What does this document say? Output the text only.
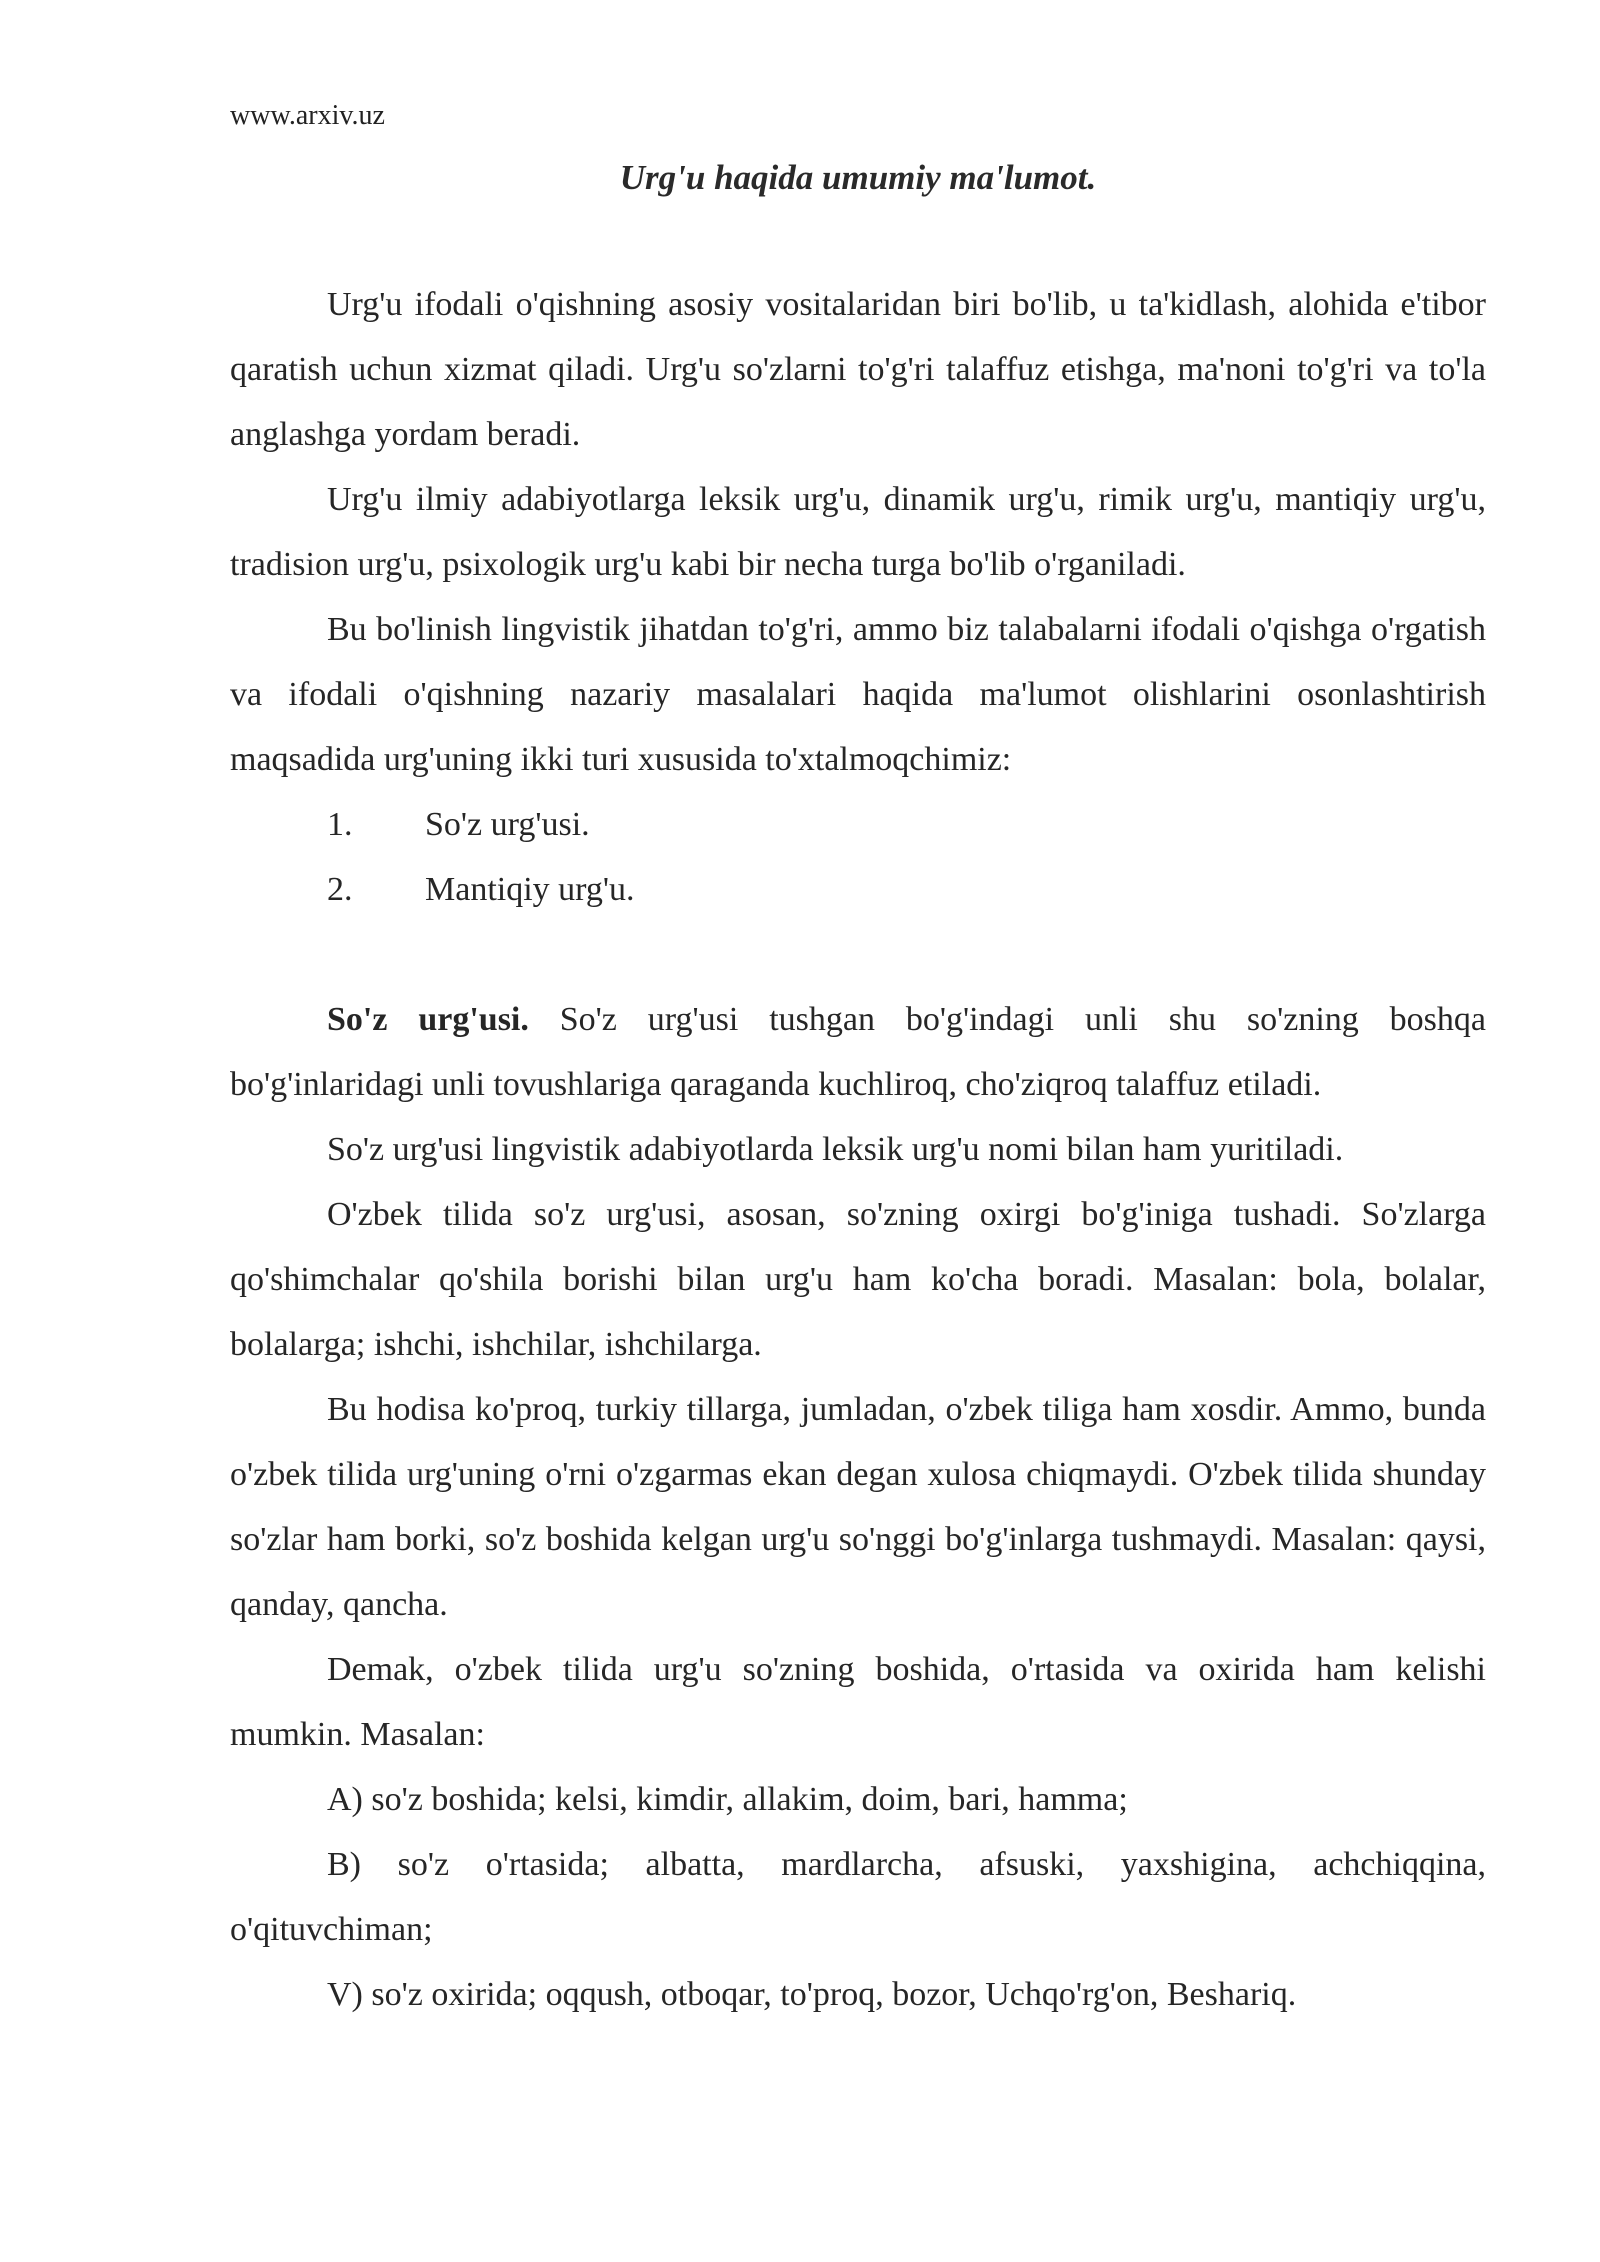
www.arxiv.uz
Urg'u haqida umumiy ma'lumot.

Urg'u ifodali o'qishning asosiy vositalaridan biri bo'lib, u ta'kidlash, alohida e'tibor qaratish uchun xizmat qiladi. Urg'u so'zlarni to'g'ri talaffuz etishga, ma'noni to'g'ri va to'la anglashga yordam beradi.

Urg'u ilmiy adabiyotlarga leksik urg'u, dinamik urg'u, rimik urg'u, mantiqiy urg'u, tradision urg'u, psixologik urg'u kabi bir necha turga bo'lib o'rganiladi.

Bu bo'linish lingvistik jihatdan to'g'ri, ammo biz talabalarni ifodali o'qishga o'rgatish va ifodali o'qishning nazariy masalalari haqida ma'lumot olishlarini osonlashtirish maqsadida urg'uning ikki turi xususida to'xtalmoqchimiz:

1. So'z urg'usi.

2. Mantiqiy urg'u.

So'z urg'usi. So'z urg'usi tushgan bo'g'indagi unli shu so'zning boshqa bo'g'inlaridagi unli tovushlariga qaraganda kuchliroq, cho'ziqroq talaffuz etiladi.

So'z urg'usi lingvistik adabiyotlarda leksik urg'u nomi bilan ham yuritiladi.

O'zbek tilida so'z urg'usi, asosan, so'zning oxirgi bo'g'iniga tushadi. So'zlarga qo'shimchalar qo'shila borishi bilan urg'u ham ko'cha boradi. Masalan: bola, bolalar, bolalarga; ishchi, ishchilar, ishchilarga.

Bu hodisa ko'proq, turkiy tillarga, jumladan, o'zbek tiliga ham xosdir. Ammo, bunda o'zbek tilida urg'uning o'rni o'zgarmas ekan degan xulosa chiqmaydi. O'zbek tilida shunday so'zlar ham borki, so'z boshida kelgan urg'u so'nggi bo'g'inlarga tushmaydi. Masalan: qaysi, qanday, qancha.

Demak, o'zbek tilida urg'u so'zning boshida, o'rtasida va oxirida ham kelishi mumkin. Masalan:

A) so'z boshida; kelsi, kimdir, allakim, doim, bari, hamma;

B) so'z o'rtasida; albatta, mardlarcha, afsuski, yaxshigina, achchiqqina, o'qituvchiman;

V) so'z oxirida; oqqush, otboqar, to'proq, bozor, Uchqo'rg'on, Beshariq.
